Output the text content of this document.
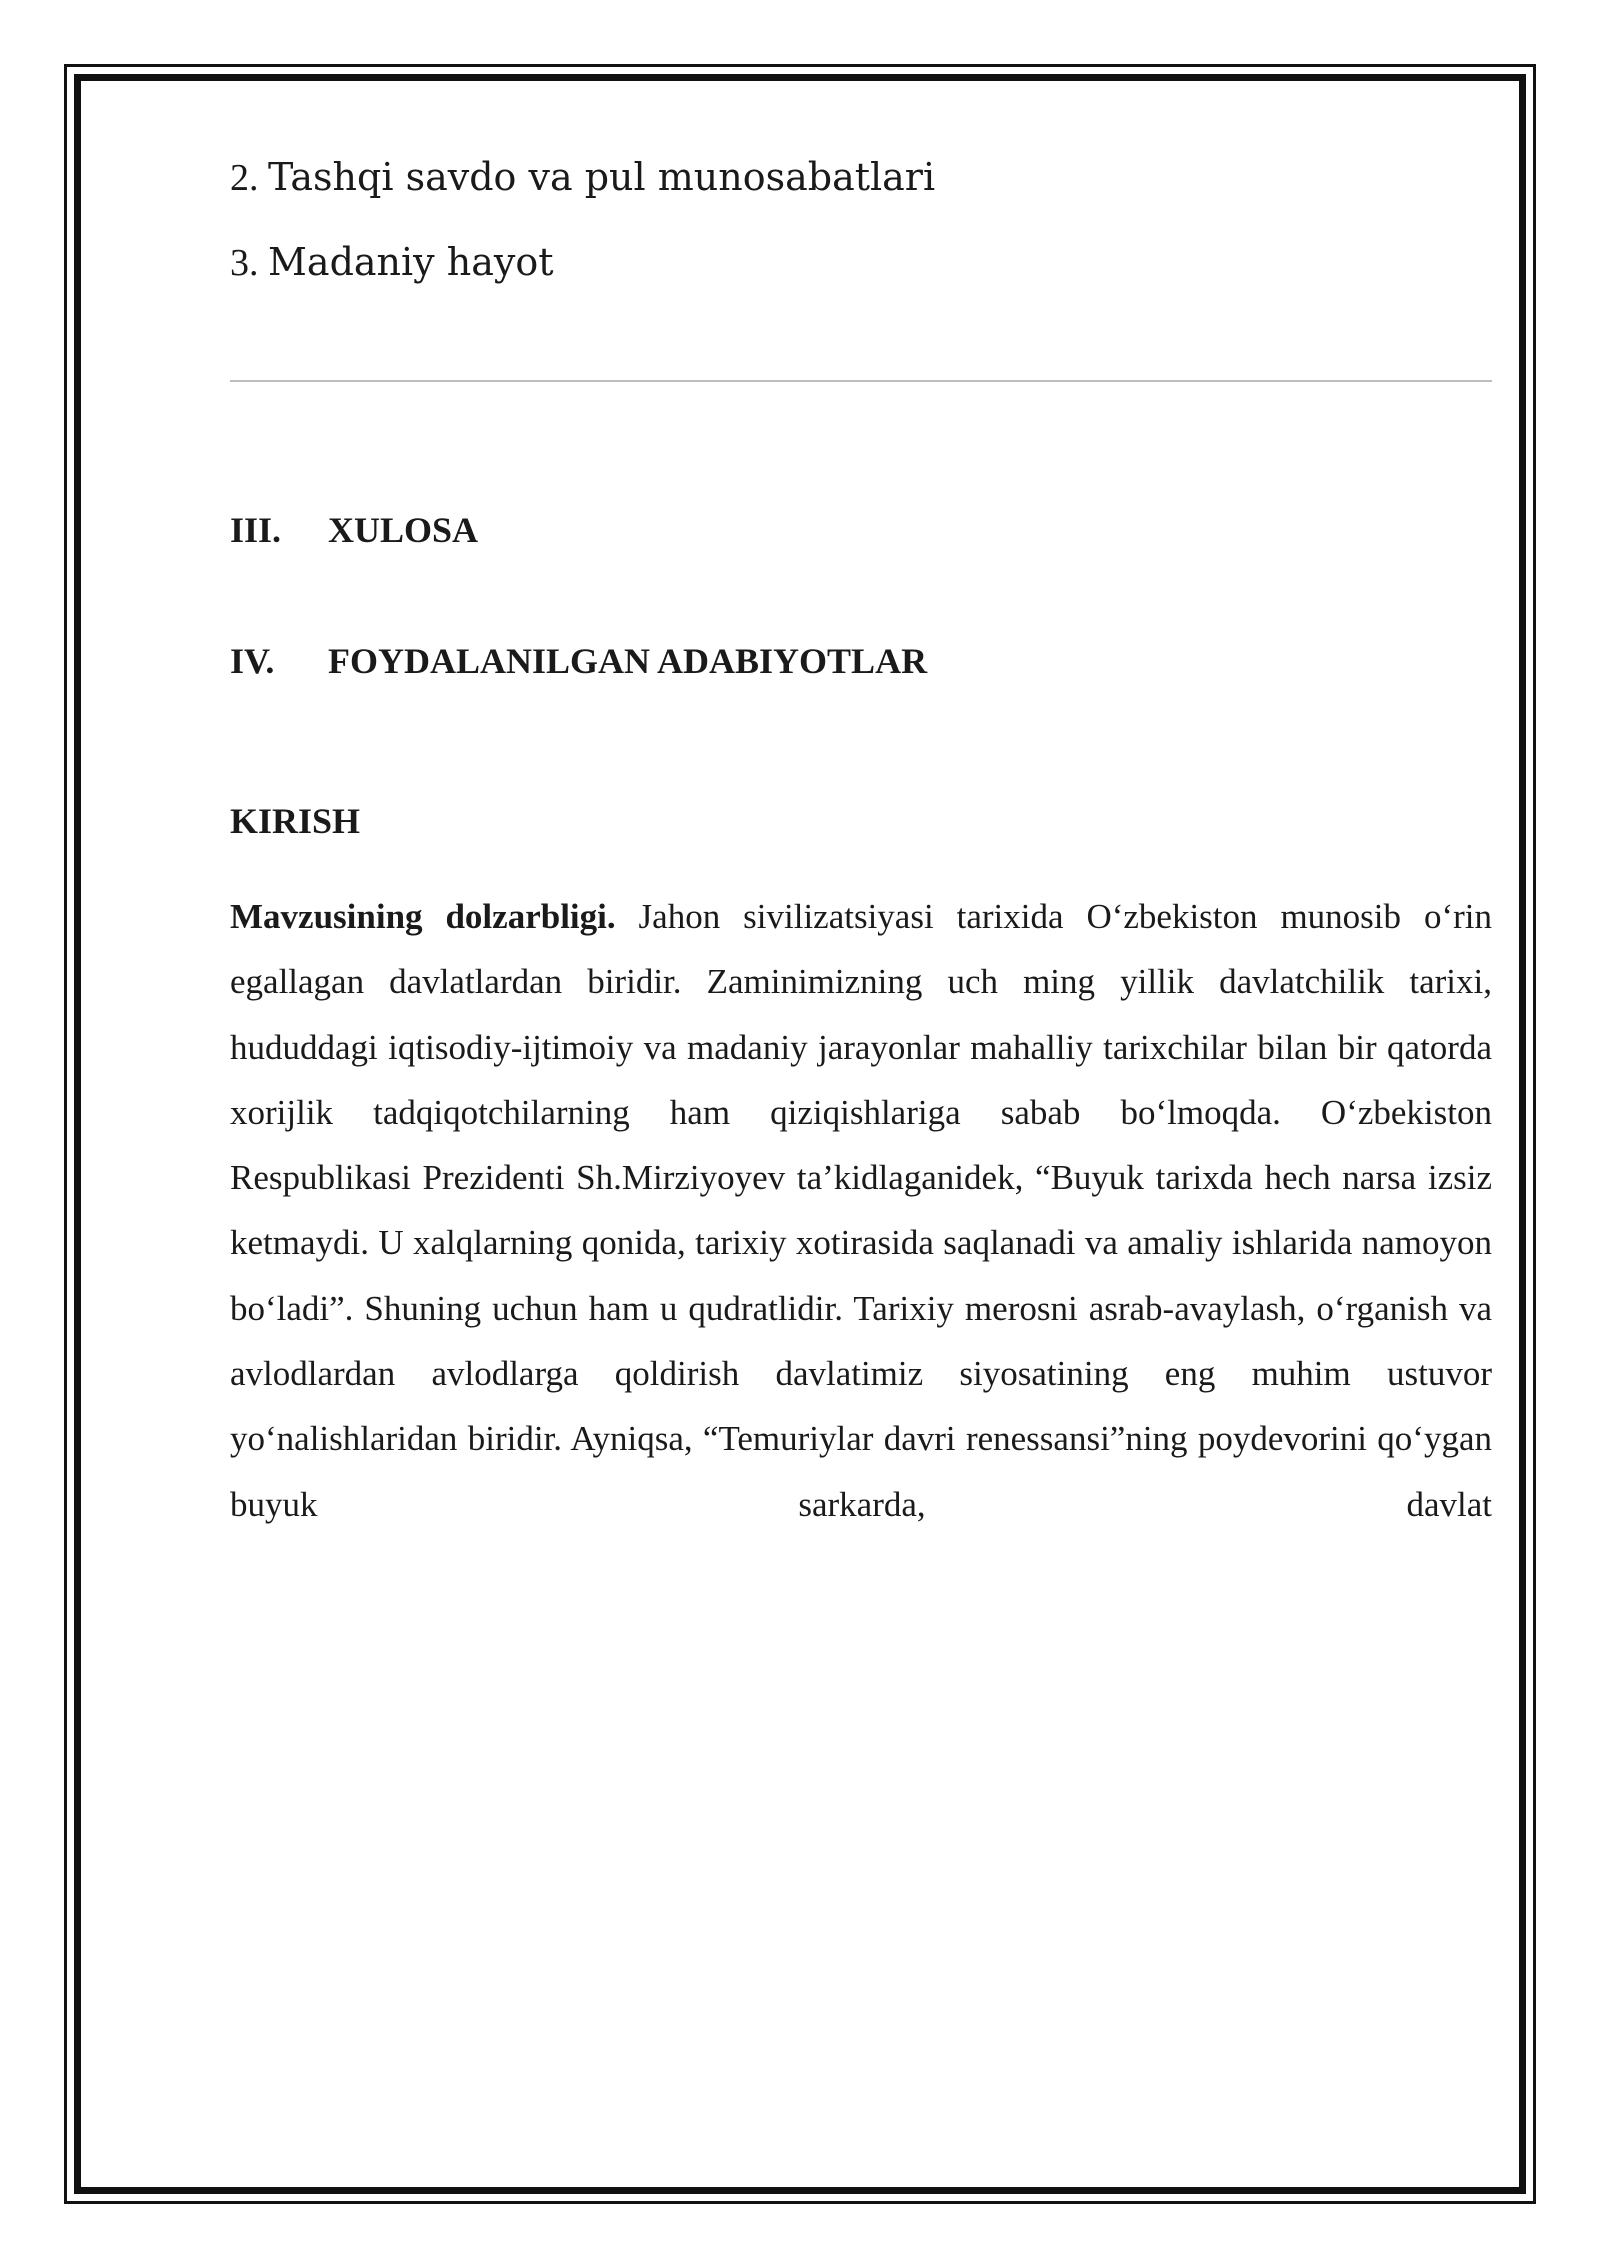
2. Tashqi savdo va pul munosabatlari

3. Madaniy hayot

III. XULOSA
IV. FOYDALANILGAN ADABIYOTLAR
KIRISH

Mavzusining dolzarbligi. Jahon sivilizatsiyasi tarixida O‘zbekiston munosib o‘rin egallagan davlatlardan biridir. Zaminimizning uch ming yillik davlatchilik tarixi, hududdagi iqtisodiy-ijtimoiy va madaniy jarayonlar mahalliy tarixchilar bilan bir qatorda xorijlik tadqiqotchilarning ham qiziqishlariga sabab bo‘lmoqda. O‘zbekiston Respublikasi Prezidenti Sh.Mirziyoyev ta’kidlaganidek, “Buyuk tarixda hech narsa izsiz ketmaydi. U xalqlarning qonida, tarixiy xotirasida saqlanadi va amaliy ishlarida namoyon bo‘ladi”. Shuning uchun ham u qudratlidir. Tarixiy merosni asrab-avaylash, o‘rganish va avlodlardan avlodlarga qoldirish davlatimiz siyosatining eng muhim ustuvor yo‘nalishlaridan biridir. Ayniqsa, “Temuriylar davri renessansi”ning poydevorini qo‘ygan buyuk sarkarda, davlat
